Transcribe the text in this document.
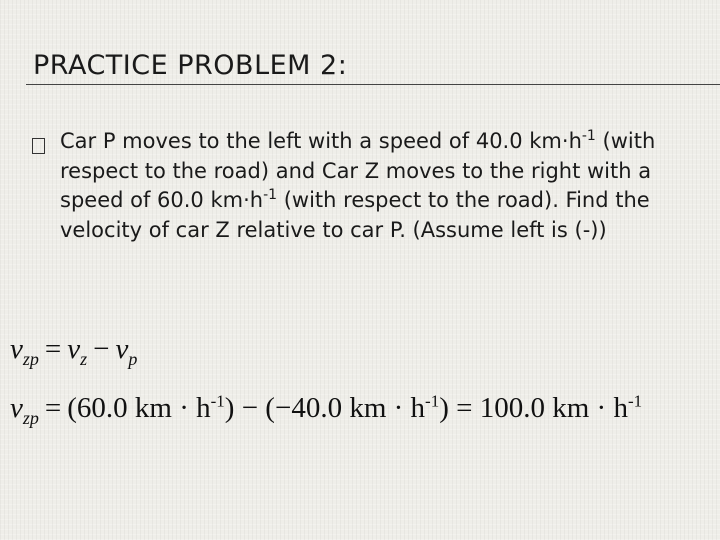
PRACTICE PROBLEM 2:
Car P moves to the left with a speed of 40.0 $km\cdot h^{-1}$ (with respect to the road) and Car Z moves to the right with a speed of 60.0 $km\cdot h^{-1}$ (with respect to the road). Find the velocity of car Z relative to car P. (Assume left is (-))
$v_{zp} = v_z - v_p$
$v_{zp} = (60.0$ km · $h^{-1}) - (-40.0$ km · $h^{-1}) = 100.0$ km · $h^{-1}$
